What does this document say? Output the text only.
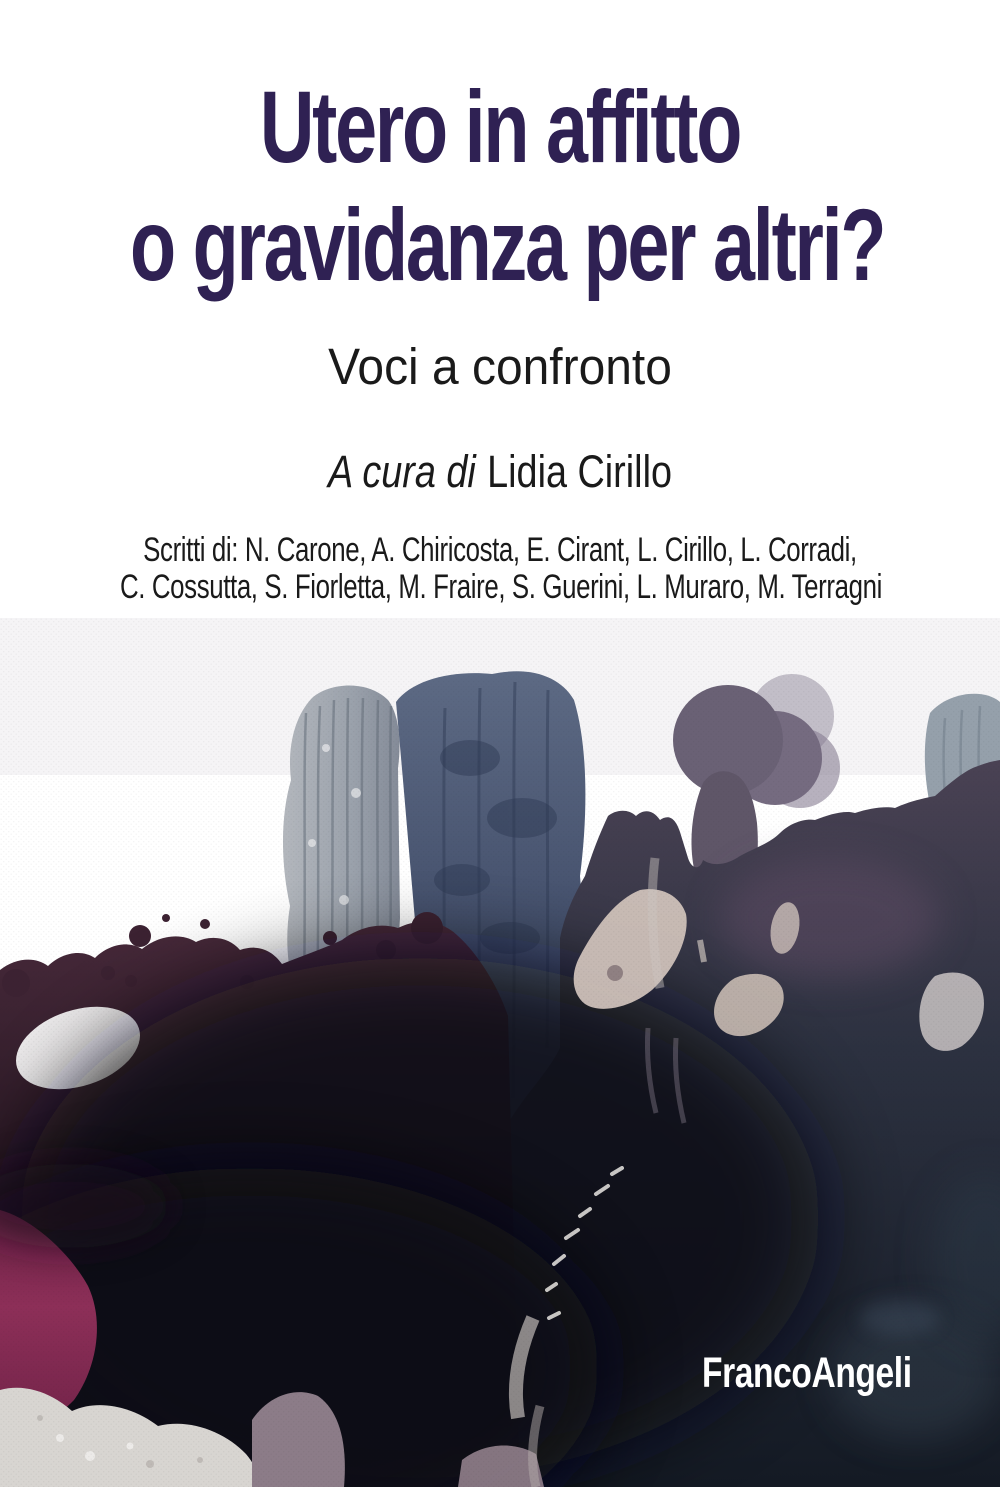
Utero in affitto
o gravidanza per altri?
Voci a confronto
A cura di Lidia Cirillo
Scritti di: N. Carone, A. Chiricosta, E. Cirant, L. Cirillo, L. Corradi,
C. Cossutta, S. Fiorletta, M. Fraire, S. Guerini, L. Muraro, M. Terragni
FrancoAngeli
